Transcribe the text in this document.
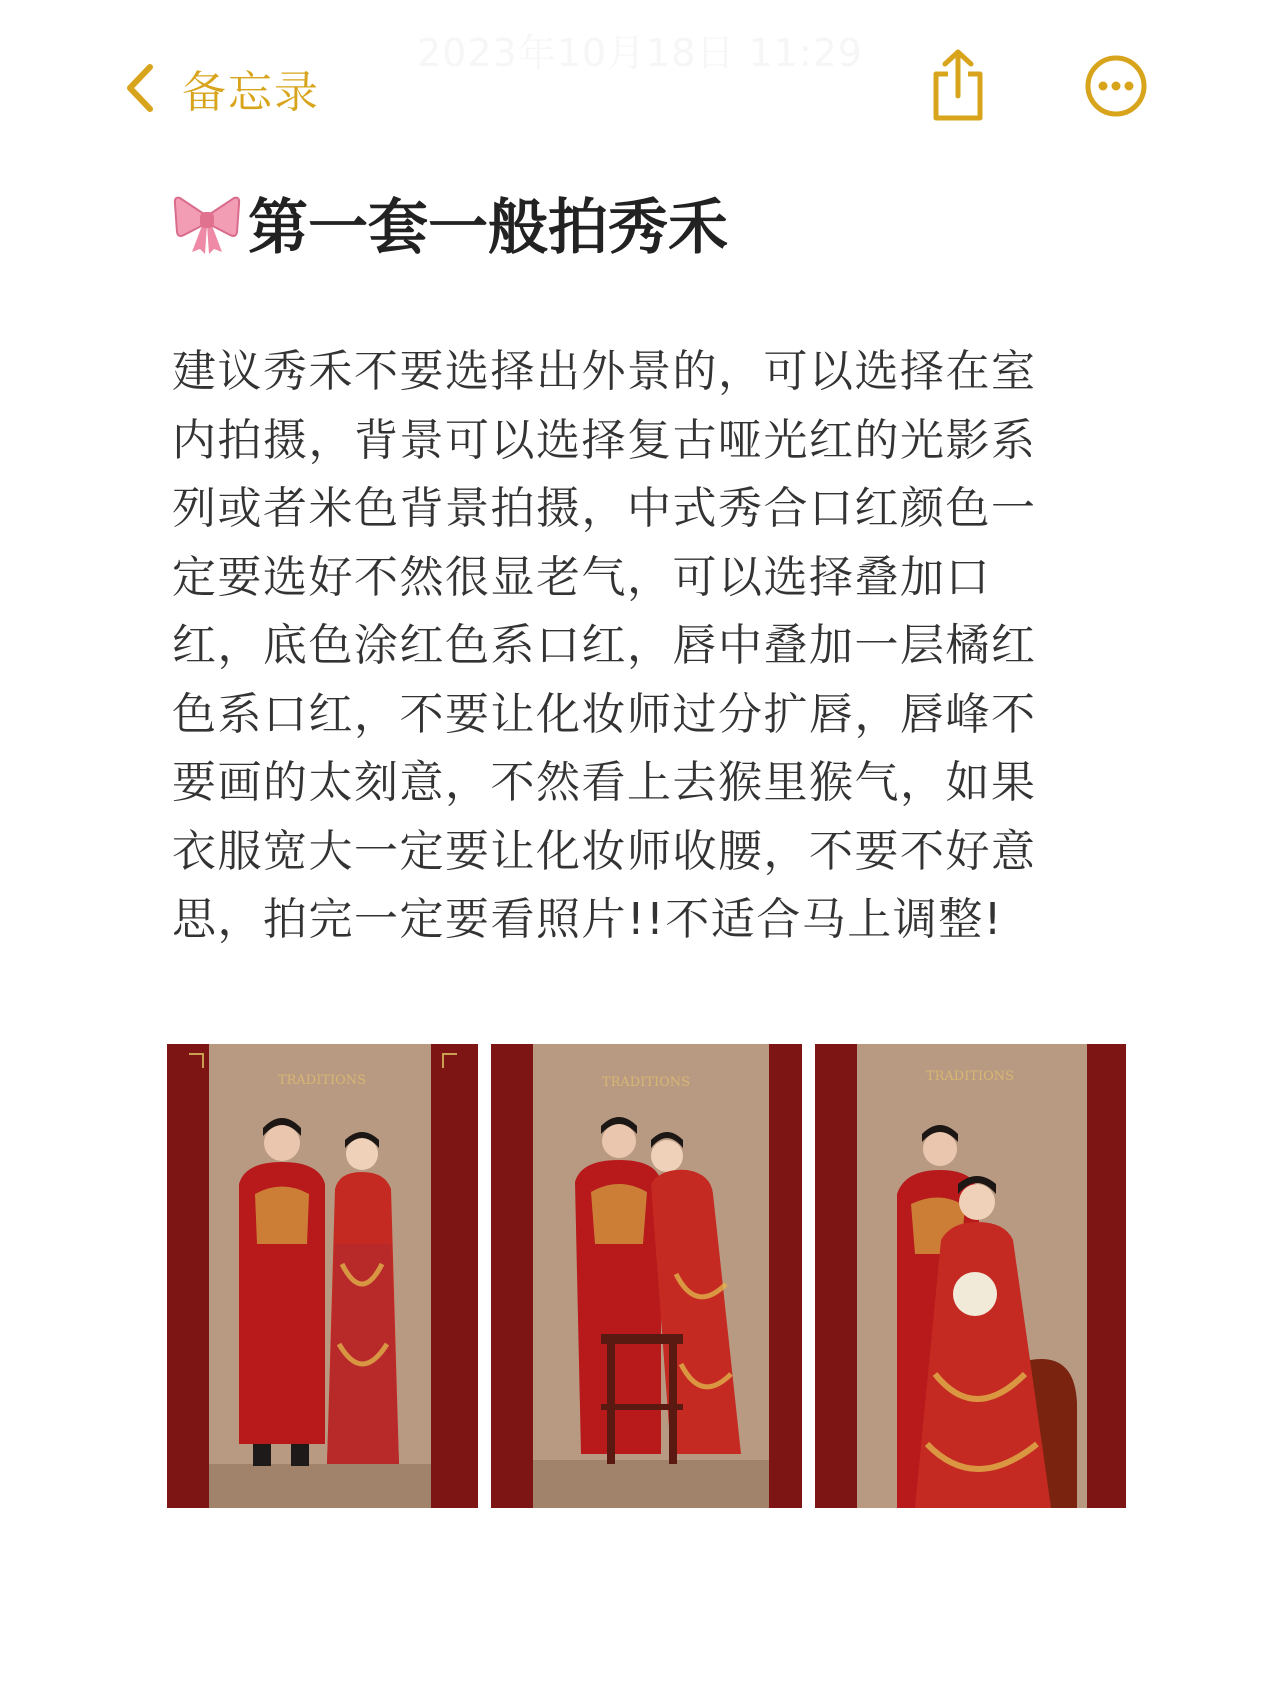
2023年10月18日 11:29
备忘录
第一套一般拍秀禾
建议秀禾不要选择出外景的，可以选择在室
内拍摄，背景可以选择复古哑光红的光影系
列或者米色背景拍摄，中式秀合口红颜色一
定要选好不然很显老气，可以选择叠加口
红，底色涂红色系口红，唇中叠加一层橘红
色系口红，不要让化妆师过分扩唇，唇峰不
要画的太刻意，不然看上去猴里猴气，如果
衣服宽大一定要让化妆师收腰，不要不好意
思，拍完一定要看照片!!不适合马上调整!
TRADITIONS	TRADITIONS	TRADITIONS
